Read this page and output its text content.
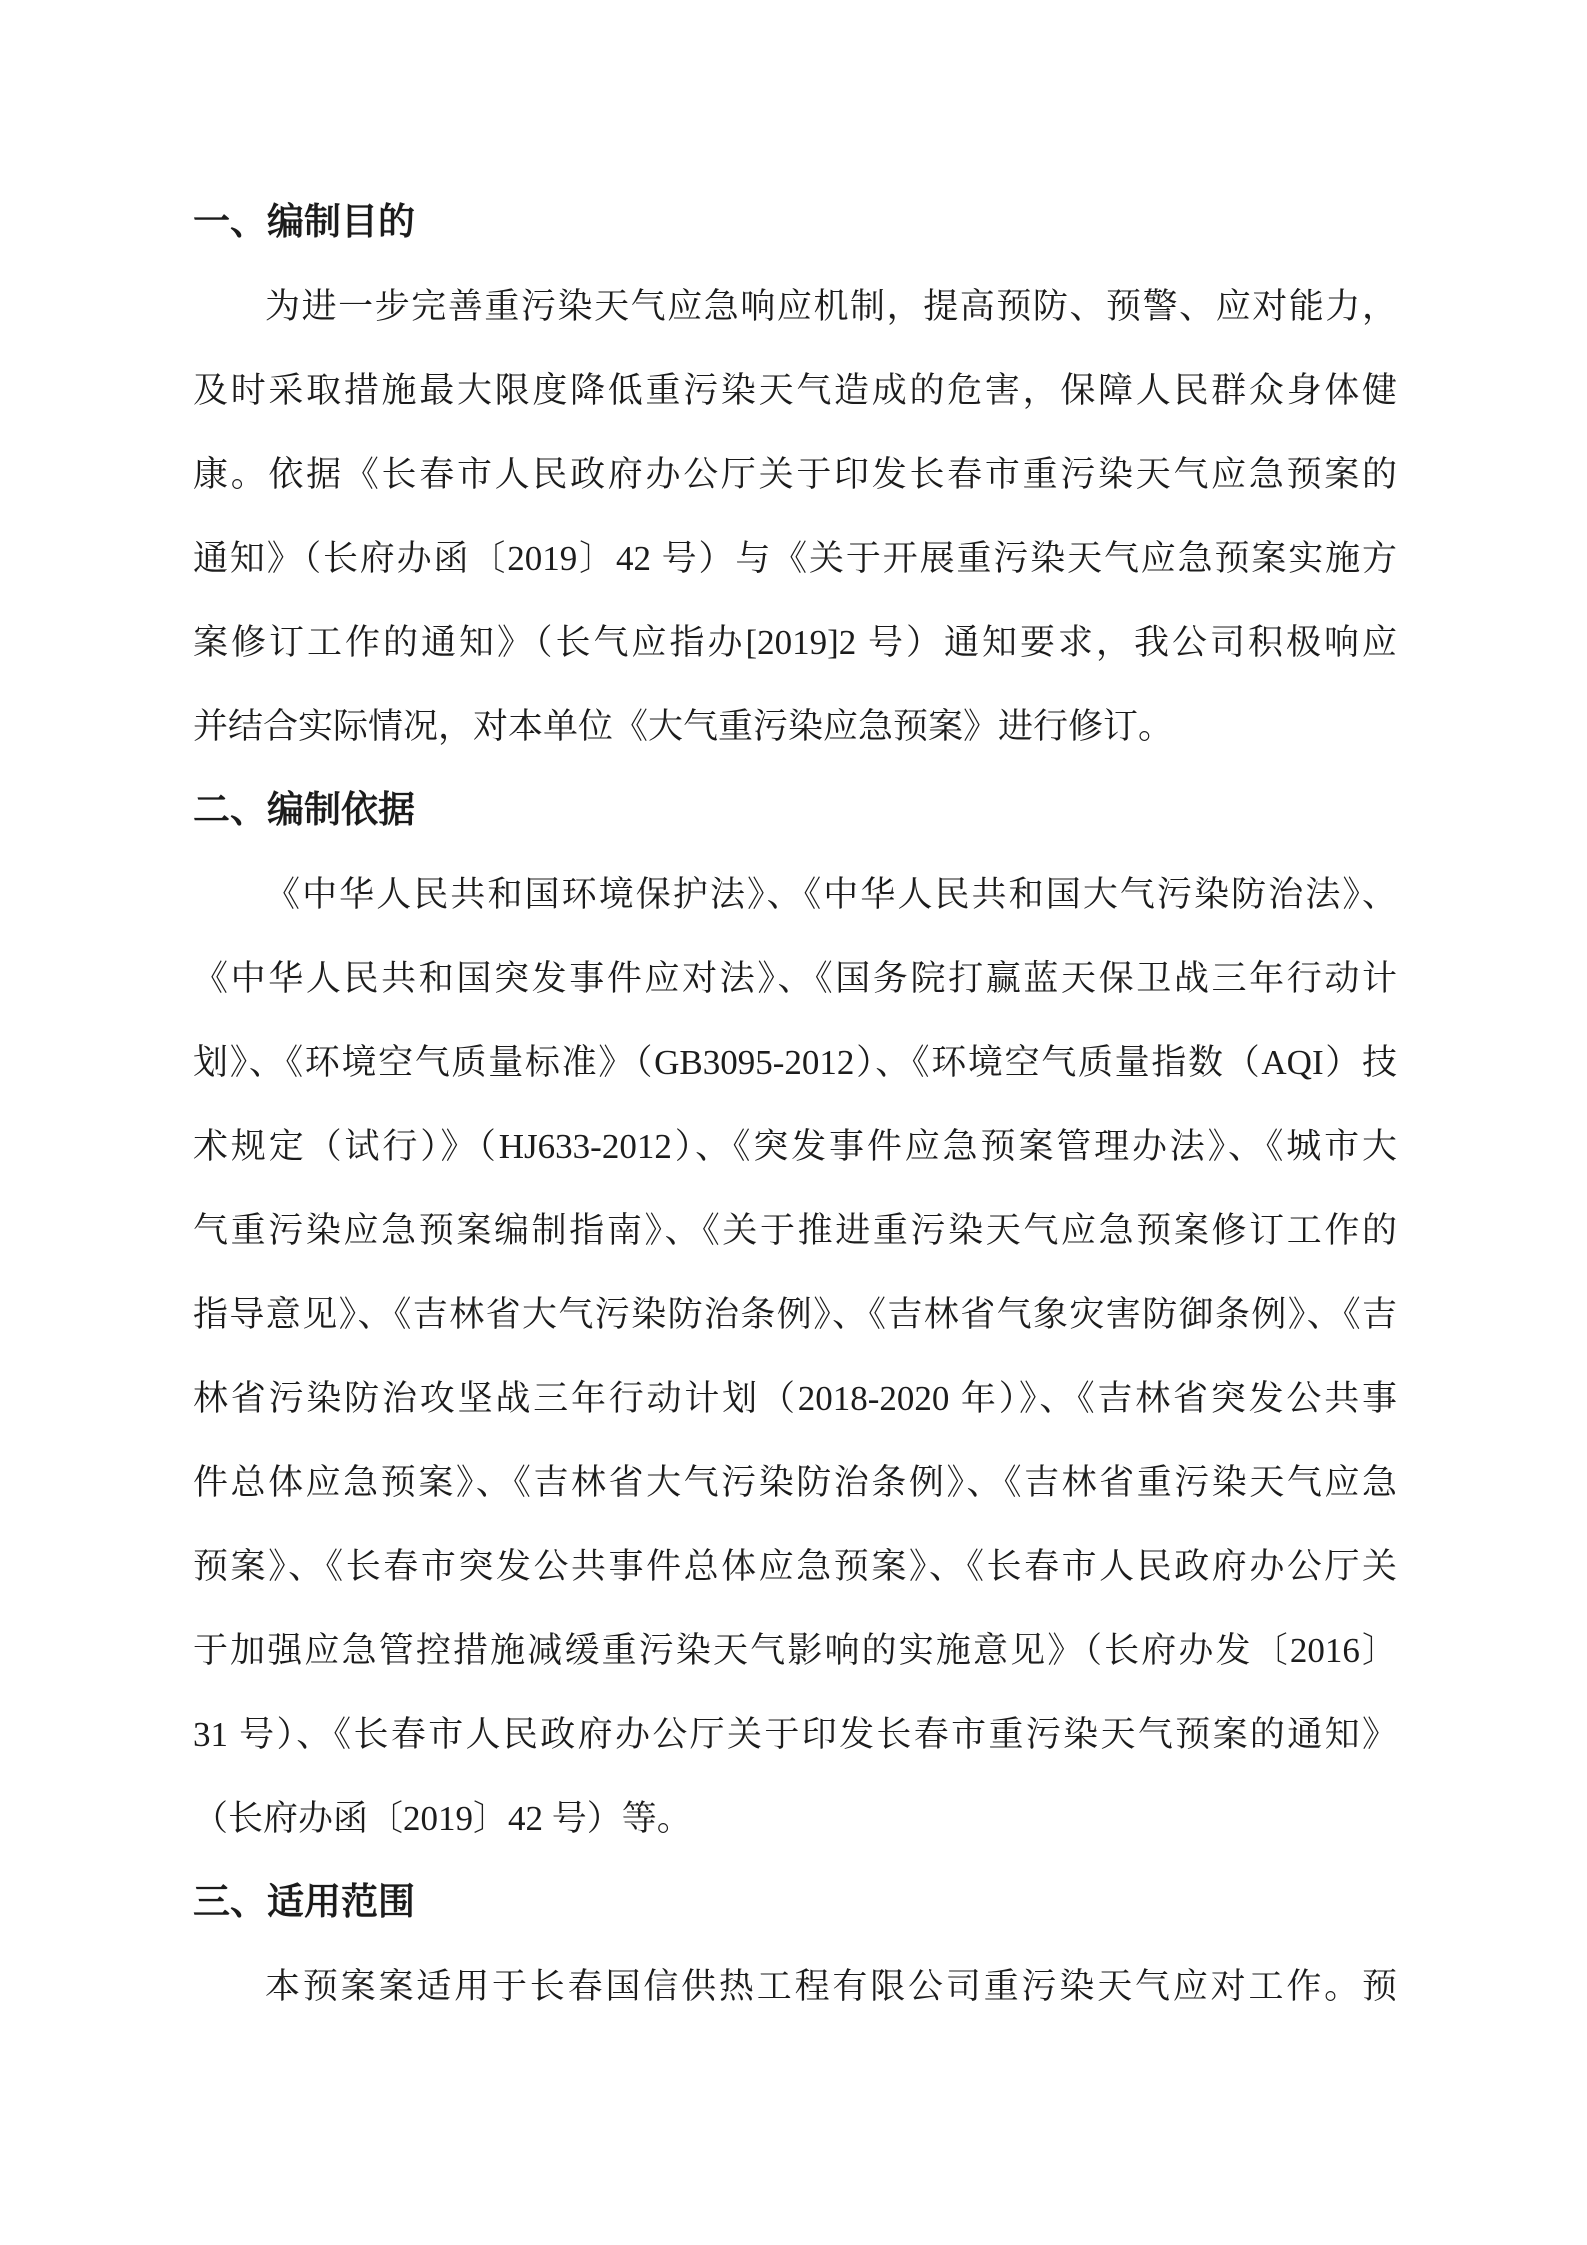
一、编制目的
为进一步完善重污染天气应急响应机制，提高预防、预警、应对能力，
及时采取措施最大限度降低重污染天气造成的危害，保障人民群众身体健
康。依据《长春市人民政府办公厅关于印发长春市重污染天气应急预案的
通知》（长府办函〔2019〕42 号）与《关于开展重污染天气应急预案实施方
案修订工作的通知》（长气应指办[2019]2 号）通知要求，我公司积极响应
并结合实际情况，对本单位《大气重污染应急预案》进行修订。
二、编制依据
《中华人民共和国环境保护法》、《中华人民共和国大气污染防治法》、
《中华人民共和国突发事件应对法》、《国务院打赢蓝天保卫战三年行动计
划》、《环境空气质量标准》（GB3095-2012）、《环境空气质量指数（AQI）技
术规定（试行）》（HJ633-2012）、《突发事件应急预案管理办法》、《城市大
气重污染应急预案编制指南》、《关于推进重污染天气应急预案修订工作的
指导意见》、《吉林省大气污染防治条例》、《吉林省气象灾害防御条例》、《吉
林省污染防治攻坚战三年行动计划（2018-2020 年）》、《吉林省突发公共事
件总体应急预案》、《吉林省大气污染防治条例》、《吉林省重污染天气应急
预案》、《长春市突发公共事件总体应急预案》、《长春市人民政府办公厅关
于加强应急管控措施减缓重污染天气影响的实施意见》（长府办发〔2016〕
31 号）、《长春市人民政府办公厅关于印发长春市重污染天气预案的通知》
（长府办函〔2019〕42 号）等。
三、适用范围
本预案案适用于长春国信供热工程有限公司重污染天气应对工作。预
